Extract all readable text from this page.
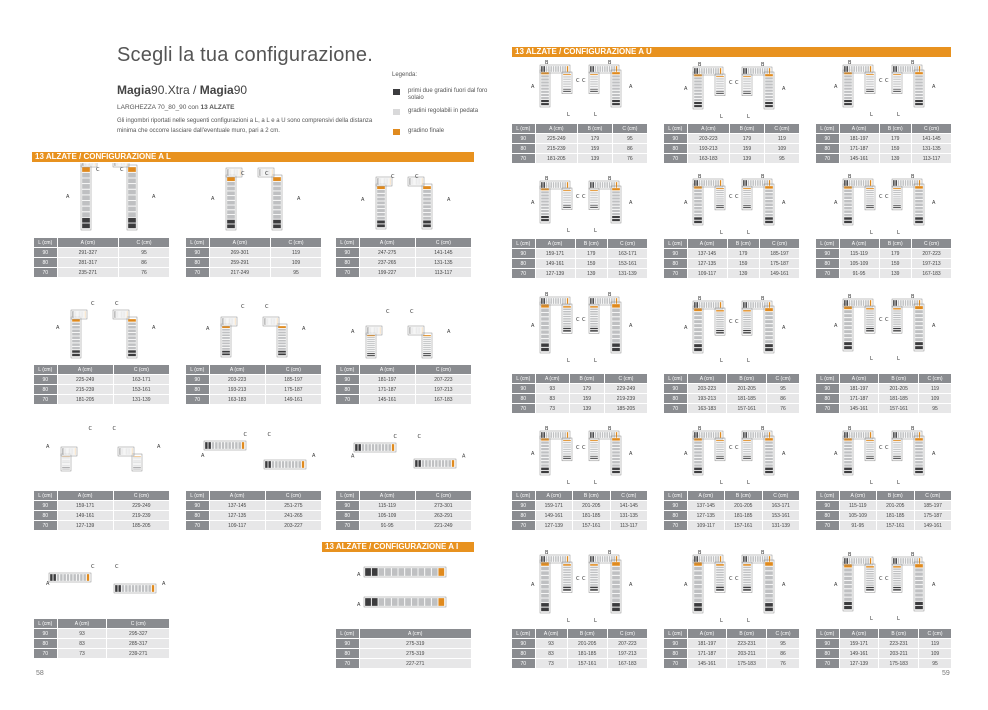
Scegli la tua configurazione.
Magia90.Xtra / Magia90
LARGHEZZA 70_80_90 con 13 ALZATE
Gli ingombri riportati nelle seguenti configurazioni a L, a L e a U sono comprensivi della distanza minima che occorre lasciare dall'eventuale muro, pari a 2 cm.
Legenda:
primi due gradini fuori dal foro solaio
gradini regolabili in pedata
gradino finale
13 ALZATE / CONFIGURAZIONE A L
13 ALZATE / CONFIGURAZIONE A I
13 ALZATE / CONFIGURAZIONE A U
L (cm)	A (cm)	C (cm)
90	291-327	95
80	281-317	86
70	235-271	76
L (cm)	A (cm)	C (cm)
90	269-301	119
80	259-291	109
70	217-249	95
L (cm)	A (cm)	C (cm)
90	247-275	141-145
80	237-265	131-135
70	199-227	113-117
L (cm)	A (cm)	C (cm)
90	225-249	163-171
80	215-239	153-161
70	181-205	131-139
L (cm)	A (cm)	C (cm)
90	203-223	185-197
80	193-213	175-187
70	163-183	149-161
L (cm)	A (cm)	C (cm)
90	181-197	207-223
80	171-187	197-213
70	145-161	167-183
L (cm)	A (cm)	C (cm)
90	159-171	229-249
80	149-161	219-239
70	127-139	185-205
L (cm)	A (cm)	C (cm)
90	137-145	251-275
80	127-135	241-265
70	109-117	203-227
L (cm)	A (cm)	C (cm)
90	115-119	273-301
80	105-109	263-291
70	91-95	221-249
L (cm)	A (cm)	C (cm)
90	93	295-327
80	83	285-317
70	73	239-271
L (cm)	A (cm)
90	275-319
80	275-319
70	227-271
L (cm)	A (cm)	B (cm)	C (cm)
90	225-249	179	95
80	215-239	159	86
70	181-205	139	76
L (cm)	A (cm)	B (cm)	C (cm)
90	203-223	179	119
80	193-213	159	109
70	163-183	139	95
L (cm)	A (cm)	B (cm)	C (cm)
90	181-197	179	141-145
80	171-187	159	131-135
70	145-161	139	113-117
L (cm)	A (cm)	B (cm)	C (cm)
90	159-171	179	163-171
80	149-161	159	153-161
70	127-139	139	131-139
L (cm)	A (cm)	B (cm)	C (cm)
90	137-145	179	185-197
80	127-135	159	175-187
70	109-117	139	149-161
L (cm)	A (cm)	B (cm)	C (cm)
90	115-119	179	207-223
80	105-109	159	197-213
70	91-95	139	167-183
L (cm)	A (cm)	B (cm)	C (cm)
90	93	179	229-249
80	83	159	219-239
70	73	139	185-205
L (cm)	A (cm)	B (cm)	C (cm)
90	203-223	201-205	95
80	193-213	181-185	86
70	163-183	157-161	76
L (cm)	A (cm)	B (cm)	C (cm)
90	181-197	201-205	119
80	171-187	181-185	109
70	145-161	157-161	95
L (cm)	A (cm)	B (cm)	C (cm)
90	159-171	201-205	141-145
80	149-161	181-185	131-135
70	127-139	157-161	113-117
L (cm)	A (cm)	B (cm)	C (cm)
90	137-145	201-205	163-171
80	127-135	181-185	153-161
70	109-117	157-161	131-139
L (cm)	A (cm)	B (cm)	C (cm)
90	115-119	201-205	185-197
80	105-109	181-185	175-187
70	91-95	157-161	149-161
L (cm)	A (cm)	B (cm)	C (cm)
90	93	201-205	207-223
80	83	181-185	197-213
70	73	157-161	167-183
L (cm)	A (cm)	B (cm)	C (cm)
90	181-197	223-231	95
80	171-187	203-211	86
70	145-161	175-183	76
L (cm)	A (cm)	B (cm)	C (cm)
90	159-171	223-231	119
80	149-161	203-211	109
70	127-139	175-183	95
A
C	C
A	A
C	C
A	A
C	C
A
A
C	C
A	A
C	C
A	A
C	C
A
A
C	C
A
A
C	C
A	A
C	C
A
A
C	C
A
A
A
B	B
A	A
C C
L	L
B	B
A	A
C C
L	L
B	B
A	A
C C
L	L
B	B
A	A
C C
L	L
B	B
A	A
C C
L	L
B	B
A	A
C C
L	L
B	B
A	A
C C
L	L
B	B
A	A
C C
L	L
B	B
A	A
C C
L	L
B	B
A	A
C C
L	L
B	B
A	A
C C
L	L
B	B
A	A
C C
L	L
B	B
A	A
C C
L	L
B	B
A	A
C C
L	L
B	B
A	A
C C
L	L
58	59
